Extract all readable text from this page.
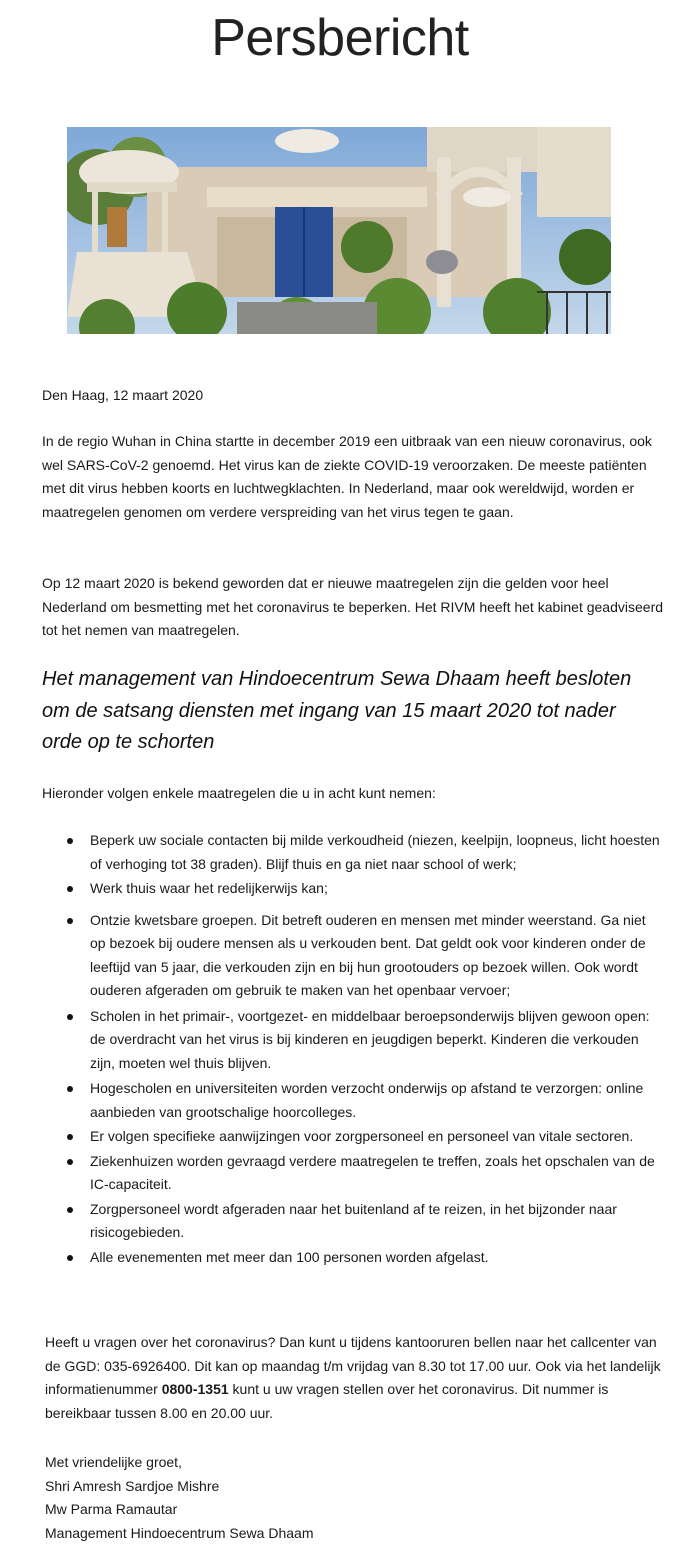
Persbericht
Den Haag, 12 maart 2020
In de regio Wuhan in China startte in december 2019 een uitbraak van een nieuw coronavirus, ook wel SARS-CoV-2 genoemd. Het virus kan de ziekte COVID-19 veroorzaken. De meeste patiënten met dit virus hebben koorts en luchtwegklachten. In Nederland, maar ook wereldwijd, worden er maatregelen genomen om verdere verspreiding van het virus tegen te gaan.
Op 12 maart 2020 is bekend geworden dat er nieuwe maatregelen zijn die gelden voor heel Nederland om besmetting met het coronavirus te beperken. Het RIVM heeft het kabinet geadviseerd tot het nemen van maatregelen.
Het management van Hindoecentrum Sewa Dhaam heeft besloten om de satsang diensten met ingang van 15 maart 2020 tot nader orde op te schorten
Hieronder volgen enkele maatregelen die u in acht kunt nemen:
Beperk uw sociale contacten bij milde verkoudheid (niezen, keelpijn, loopneus, licht hoesten of verhoging tot 38 graden). Blijf thuis en ga niet naar school of werk;
Werk thuis waar het redelijkerwijs kan;
Ontzie kwetsbare groepen. Dit betreft ouderen en mensen met minder weerstand. Ga niet op bezoek bij oudere mensen als u verkouden bent. Dat geldt ook voor kinderen onder de leeftijd van 5 jaar, die verkouden zijn en bij hun grootouders op bezoek willen. Ook wordt ouderen afgeraden om gebruik te maken van het openbaar vervoer;
Scholen in het primair-, voortgezet- en middelbaar beroepsonderwijs blijven gewoon open: de overdracht van het virus is bij kinderen en jeugdigen beperkt. Kinderen die verkouden zijn, moeten wel thuis blijven.
Hogescholen en universiteiten worden verzocht onderwijs op afstand te verzorgen: online aanbieden van grootschalige hoorcolleges.
Er volgen specifieke aanwijzingen voor zorgpersoneel en personeel van vitale sectoren.
Ziekenhuizen worden gevraagd verdere maatregelen te treffen, zoals het opschalen van de IC-capaciteit.
Zorgpersoneel wordt afgeraden naar het buitenland af te reizen, in het bijzonder naar risicogebieden.
Alle evenementen met meer dan 100 personen worden afgelast.
Heeft u vragen over het coronavirus? Dan kunt u tijdens kantooruren bellen naar het callcenter van de GGD: 035-6926400. Dit kan op maandag t/m vrijdag van 8.30 tot 17.00 uur. Ook via het landelijk informatienummer 0800-1351 kunt u uw vragen stellen over het coronavirus. Dit nummer is bereikbaar tussen 8.00 en 20.00 uur.
Met vriendelijke groet,
Shri Amresh Sardjoe Mishre
Mw Parma Ramautar
Management Hindoecentrum Sewa Dhaam
